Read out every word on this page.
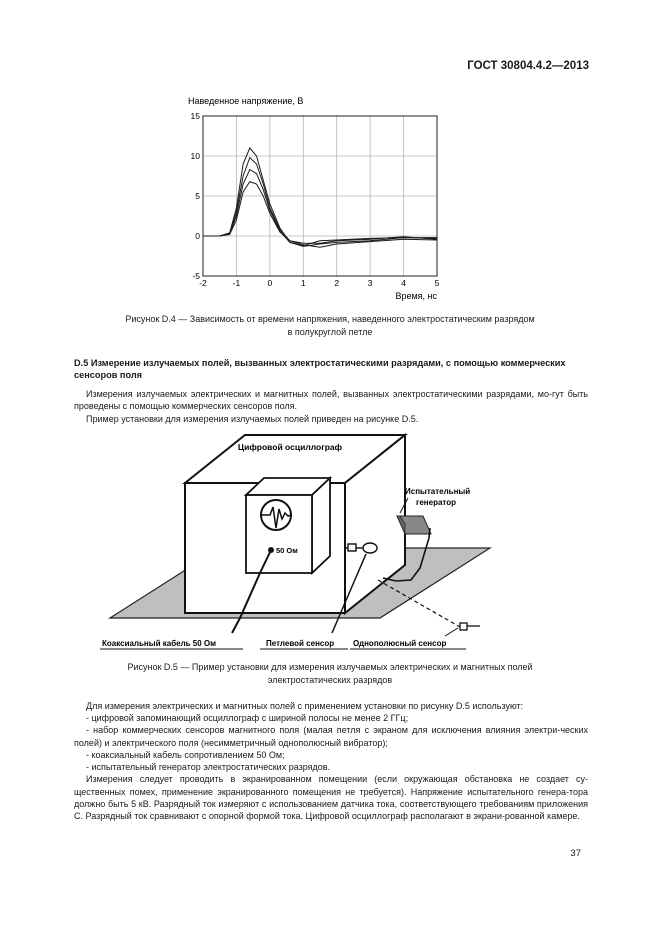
ГОСТ 30804.4.2—2013
Наведенное напряжение, В
-2	-1	0	1	2	3	4	5
15
10
5
0
-5
Время, нс
Рисунок D.4 — Зависимость от времени напряжения, наведенного электростатическим разрядом
в полукруглой петле
D.5 Измерение излучаемых полей, вызванных электростатическими разрядами, с помощью коммерческих сенсоров поля
Измерения излучаемых электрических и магнитных полей, вызванных электростатическими разрядами, мо-гут быть проведены с помощью коммерческих сенсоров поля.
Пример установки для измерения излучаемых полей приведен на рисунке D.5.
Цифровой осциллограф
50 Ом
Испытательный
генератор
Коаксиальный кабель 50 Ом	Петлевой сенсор Однополюсный сенсор
Рисунок D.5 — Пример установки для измерения излучаемых электрических и магнитных полей
электростатических разрядов
Для измерения электрических и магнитных полей с применением установки по рисунку D.5 используют:
- цифровой запоминающий осциллограф с шириной полосы не менее 2 ГГц;
- набор коммерческих сенсоров магнитного поля (малая петля с экраном для исключения влияния электри-ческих полей) и электрического поля (несимметричный однополюсный вибратор);
- коаксиальный кабель сопротивлением 50 Ом;
- испытательный генератор электростатических разрядов.
Измерения следует проводить в экранированном помещении (если окружающая обстановка не создает су-щественных помех, применение экранированного помещения не требуется). Напряжение испытательного генера-тора должно быть 5 кВ. Разрядный ток измеряют с использованием датчика тока, соответствующего требованиям приложения С. Разрядный ток сравнивают с опорной формой тока. Цифровой осциллограф располагают в экрани-рованной камере.
37
